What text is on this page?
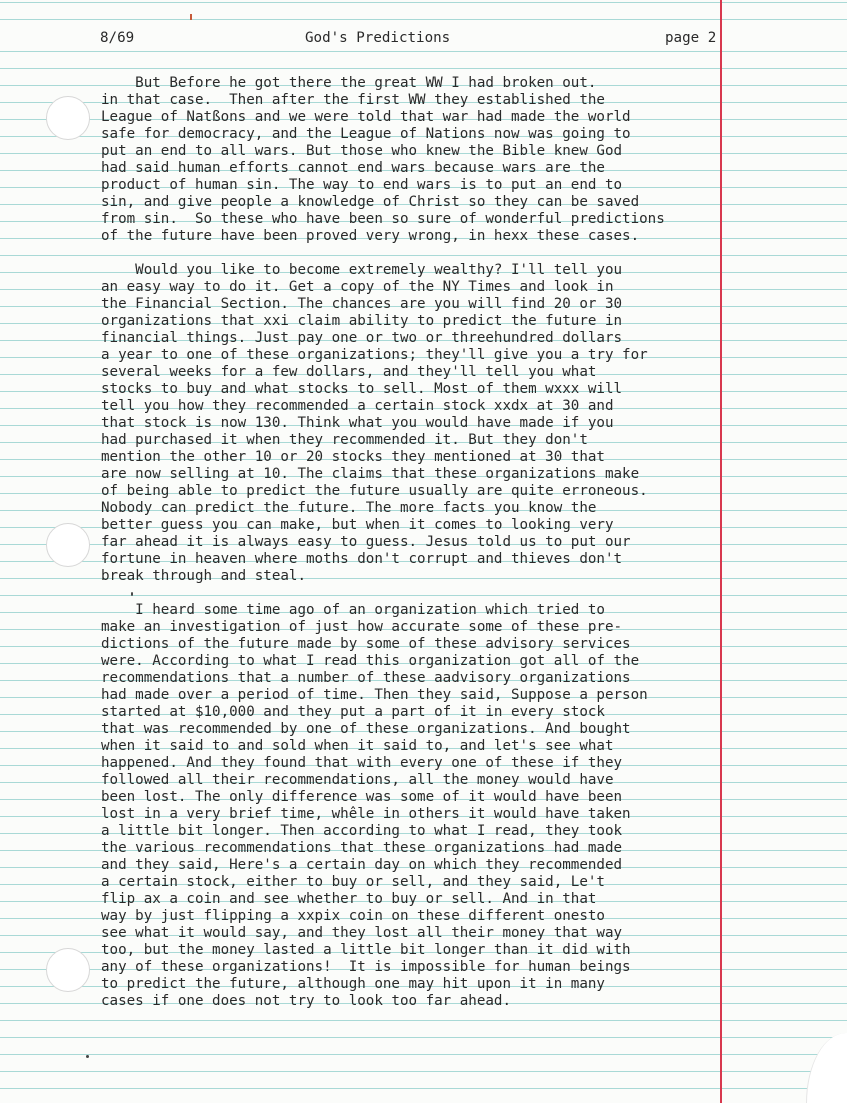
8/69	God's Predictions	page 2
But Before he got there the great WW I had broken out.
in that case.  Then after the first WW they established the
League of Natßons and we were told that war had made the world
safe for democracy, and the League of Nations now was going to
put an end to all wars. But those who knew the Bible knew God
had said human efforts cannot end wars because wars are the
product of human sin. The way to end wars is to put an end to
sin, and give people a knowledge of Christ so they can be saved
from sin.  So these who have been so sure of wonderful predictions
of the future have been proved very wrong, in hexx these cases.
Would you like to become extremely wealthy? I'll tell you
an easy way to do it. Get a copy of the NY Times and look in
the Financial Section. The chances are you will find 20 or 30
organizations that xxi claim ability to predict the future in
financial things. Just pay one or two or threehundred dollars
a year to one of these organizations; they'll give you a try for
several weeks for a few dollars, and they'll tell you what
stocks to buy and what stocks to sell. Most of them wxxx will
tell you how they recommended a certain stock xxdx at 30 and
that stock is now 130. Think what you would have made if you
had purchased it when they recommended it. But they don't
mention the other 10 or 20 stocks they mentioned at 30 that
are now selling at 10. The claims that these organizations make
of being able to predict the future usually are quite erroneous.
Nobody can predict the future. The more facts you know the
better guess you can make, but when it comes to looking very
far ahead it is always easy to guess. Jesus told us to put our
fortune in heaven where moths don't corrupt and thieves don't
break through and steal.
I heard some time ago of an organization which tried to
make an investigation of just how accurate some of these pre-
dictions of the future made by some of these advisory services
were. According to what I read this organization got all of the
recommendations that a number of these aadvisory organizations
had made over a period of time. Then they said, Suppose a person
started at $10,000 and they put a part of it in every stock
that was recommended by one of these organizations. And bought
when it said to and sold when it said to, and let's see what
happened. And they found that with every one of these if they
followed all their recommendations, all the money would have
been lost. The only difference was some of it would have been
lost in a very brief time, whêle in others it would have taken
a little bit longer. Then according to what I read, they took
the various recommendations that these organizations had made
and they said, Here's a certain day on which they recommended
a certain stock, either to buy or sell, and they said, Le't
flip ax a coin and see whether to buy or sell. And in that
way by just flipping a xxpix coin on these different onesto
see what it would say, and they lost all their money that way
too, but the money lasted a little bit longer than it did with
any of these organizations!  It is impossible for human beings
to predict the future, although one may hit upon it in many
cases if one does not try to look too far ahead.
